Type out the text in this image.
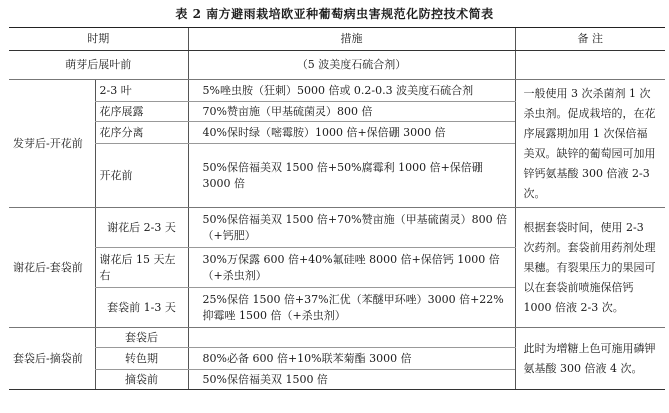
表 2 南方避雨栽培欧亚种葡萄病虫害规范化防控技术简表
时期		措施	备 注
萌芽后展叶前		（5 波美度石硫合剂）	
发芽后-开花前	2-3 叶	5%唑虫胺（狂刺）5000 倍或 0.2-0.3 波美度石硫合剂	一般使用 3 次杀菌剂 1 次杀虫剂。促成栽培的，在花序展露期加用 1 次保倍福美双。缺锌的葡萄园可加用锌钙氨基酸 300 倍液 2-3 次。
	花序展露	70%赞亩施（甲基硫菌灵）800 倍	
	花序分离	40%保时绿（嘧霉胺）1000 倍+保倍硼 3000 倍	
	开花前	50%保倍福美双 1500 倍+50%腐霉利 1000 倍+保倍硼 3000 倍	
谢花后-套袋前	谢花后 2-3 天	50%保倍福美双 1500 倍+70%赞亩施（甲基硫菌灵）800 倍（+钙肥）	根据套袋时间，使用 2-3 次药剂。套袋前用药剂处理果穗。有裂果压力的果园可以在套袋前喷施保倍钙 1000 倍液 2-3 次。
	谢花后 15 天左右	30%万保露 600 倍+40%氟硅唑 8000 倍+保倍钙 1000 倍（+杀虫剂）	
	套袋前 1-3 天	25%保倍 1500 倍+37%汇优（苯醚甲环唑）3000 倍+22%抑霉唑 1500 倍（+杀虫剂）	
套袋后-摘袋前	套袋后		此时为增糖上色可施用磷钾氨基酸 300 倍液 4 次。
	转色期	80%必备 600 倍+10%联苯菊酯 3000 倍	
	摘袋前	50%保倍福美双 1500 倍	
